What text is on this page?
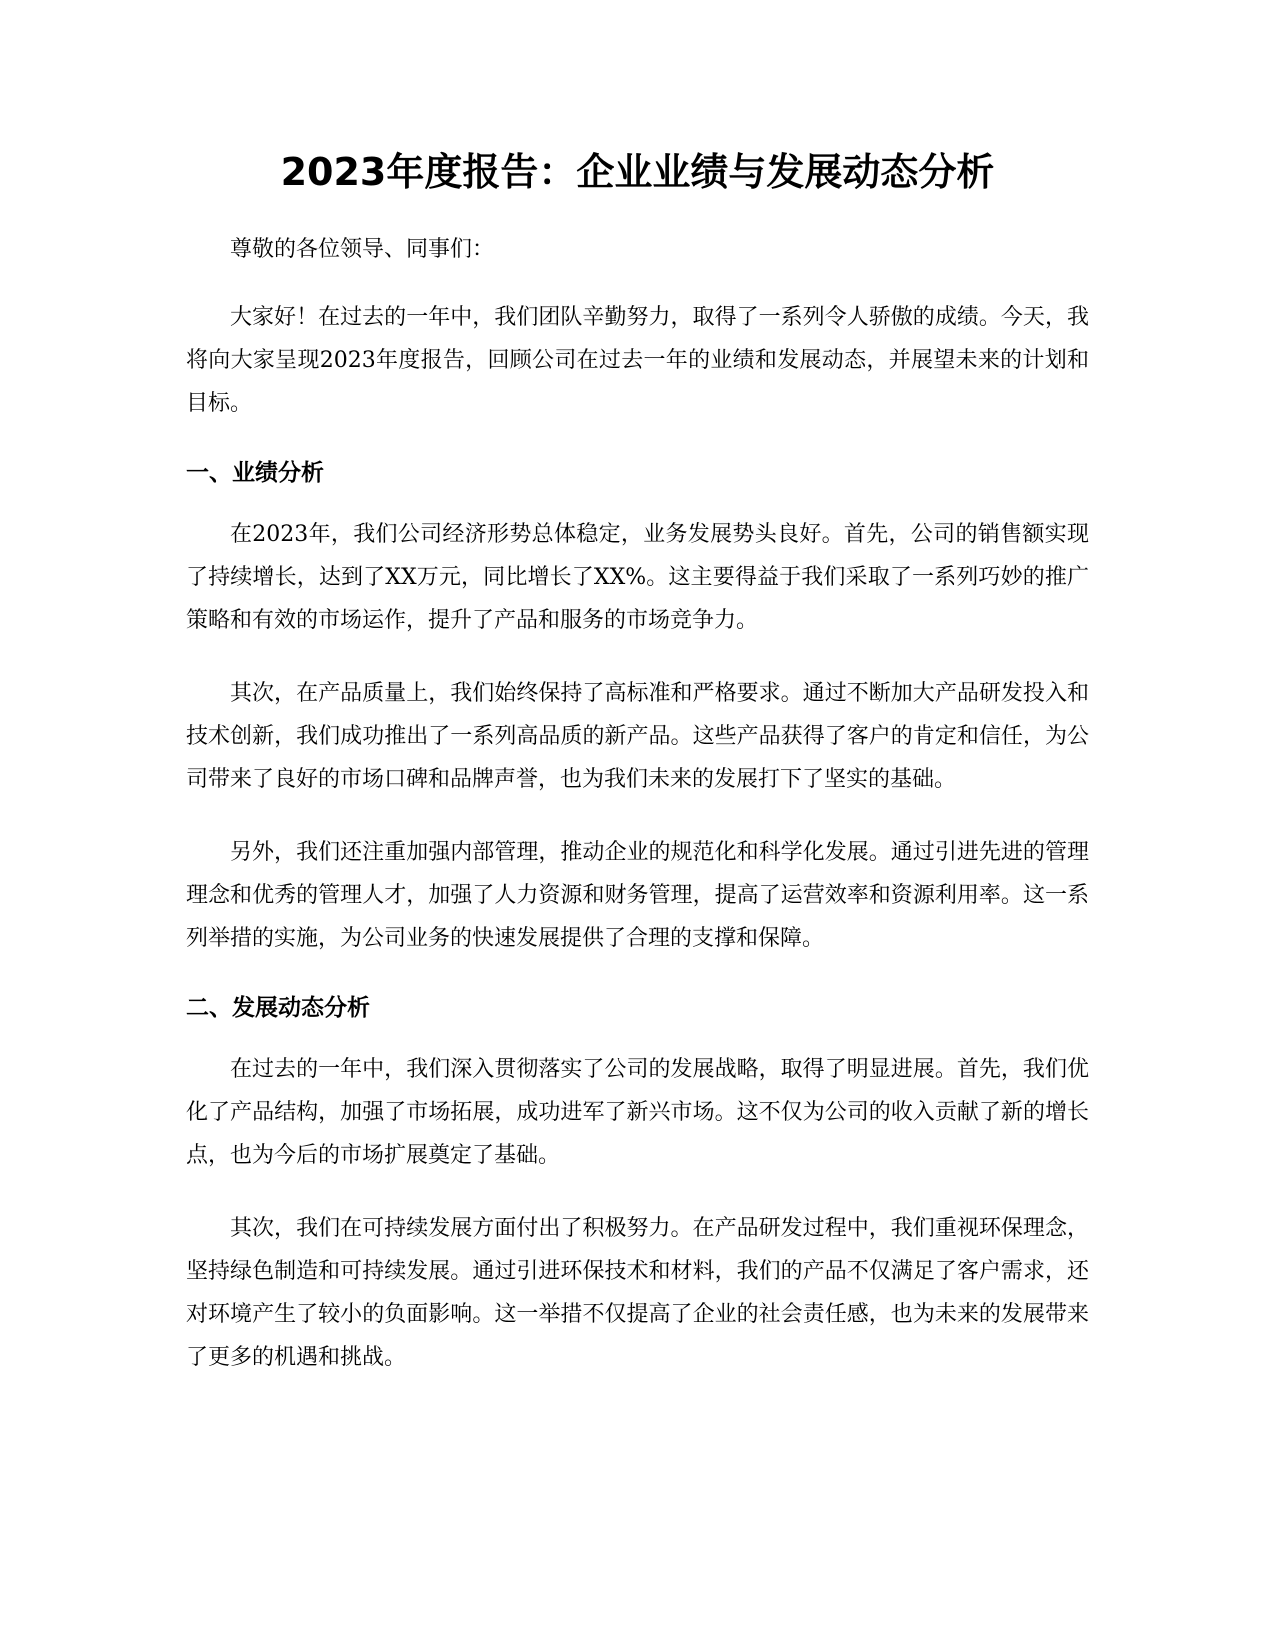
2023年度报告：企业业绩与发展动态分析

尊敬的各位领导、同事们：

大家好！在过去的一年中，我们团队辛勤努力，取得了一系列令人骄傲的成绩。今天，我将向大家呈现2023年度报告，回顾公司在过去一年的业绩和发展动态，并展望未来的计划和目标。

一、业绩分析

在2023年，我们公司经济形势总体稳定，业务发展势头良好。首先，公司的销售额实现了持续增长，达到了XX万元，同比增长了XX%。这主要得益于我们采取了一系列巧妙的推广策略和有效的市场运作，提升了产品和服务的市场竞争力。

其次，在产品质量上，我们始终保持了高标准和严格要求。通过不断加大产品研发投入和技术创新，我们成功推出了一系列高品质的新产品。这些产品获得了客户的肯定和信任，为公司带来了良好的市场口碑和品牌声誉，也为我们未来的发展打下了坚实的基础。

另外，我们还注重加强内部管理，推动企业的规范化和科学化发展。通过引进先进的管理理念和优秀的管理人才，加强了人力资源和财务管理，提高了运营效率和资源利用率。这一系列举措的实施，为公司业务的快速发展提供了合理的支撑和保障。

二、发展动态分析

在过去的一年中，我们深入贯彻落实了公司的发展战略，取得了明显进展。首先，我们优化了产品结构，加强了市场拓展，成功进军了新兴市场。这不仅为公司的收入贡献了新的增长点，也为今后的市场扩展奠定了基础。

其次，我们在可持续发展方面付出了积极努力。在产品研发过程中，我们重视环保理念，坚持绿色制造和可持续发展。通过引进环保技术和材料，我们的产品不仅满足了客户需求，还对环境产生了较小的负面影响。这一举措不仅提高了企业的社会责任感，也为未来的发展带来了更多的机遇和挑战。
